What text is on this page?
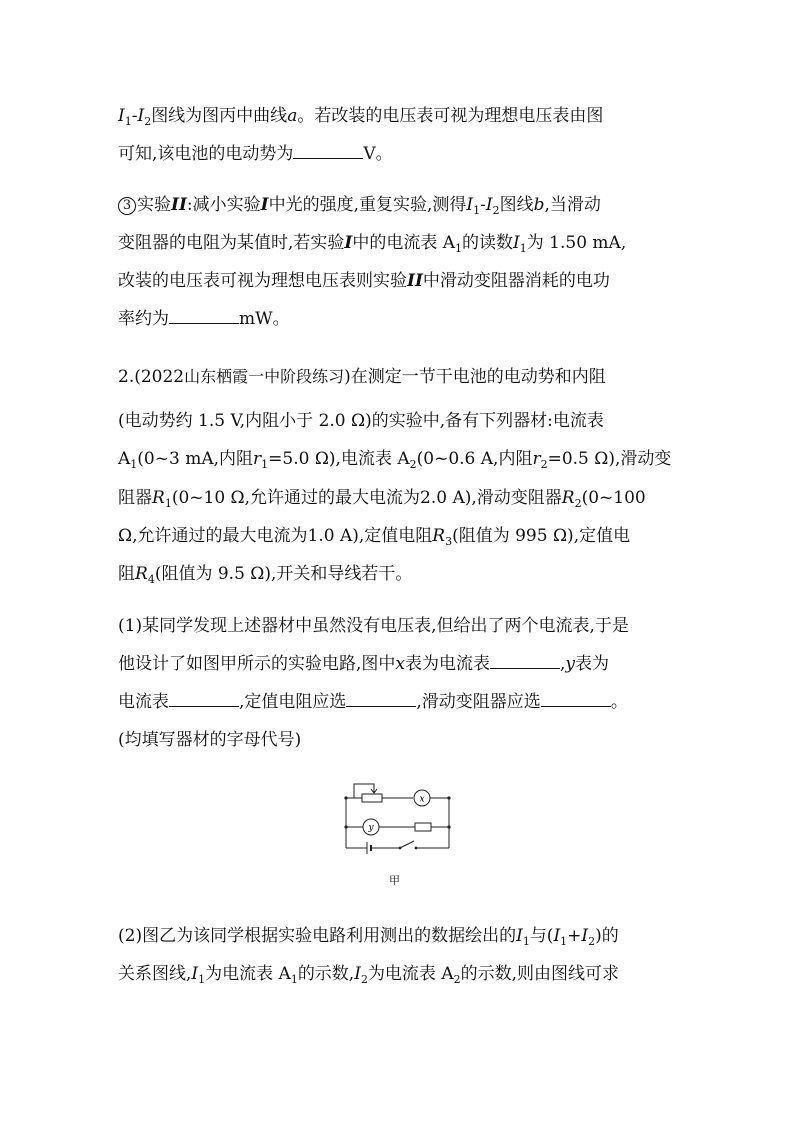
$I_1-I_2$图线为图丙中曲线a。若改装的电压表可视为理想电压表由图
可知,该电池的电动势为	V。
3 实验II:减小实验I中光的强度,重复实验,测得$I_1-I_2$图线b,当滑动
变阻器的电阻为某值时,若实验I中的电流表 $A_1$的读数$I_1$为 1.50 mA,
改装的电压表可视为理想电压表则实验II中滑动变阻器消耗的电功
率约为	mW。
2.(2022山东栖霞一中阶段练习)在测定一节干电池的电动势和内阻
(电动势约 1.5 V,内阻小于 2.0 Ω)的实验中,备有下列器材:电流表
$A_1(0\sim 3$ mA,内阻$r_1=5.0$ Ω),电流表 $A_2(0\sim 0.6$ A,内阻$r_2=0.5$ Ω),滑动变
阻器$R_1(0\sim 10$ Ω,允许通过的最大电流为2.0 A),滑动变阻器$R_2(0\sim 100$
Ω,允许通过的最大电流为1.0 A),定值电阻$R_3$(阻值为 995 Ω),定值电
阻$R_4$(阻值为 9.5 Ω),开关和导线若干。
(1)某同学发现上述器材中虽然没有电压表,但给出了两个电流表,于是
他设计了如图甲所示的实验电路,图中x表为电流表	,y表为
电流表	,定值电阻应选	,滑动变阻器应选	。
(均填写器材的字母代号)
x
y
甲
(2)图乙为该同学根据实验电路利用测出的数据绘出的$I_1$与$(I_1+I_2)$的
关系图线$,I_1$为电流表 $A_1$的示数$,I_2$为电流表 $A_2$的示数,则由图线可求
